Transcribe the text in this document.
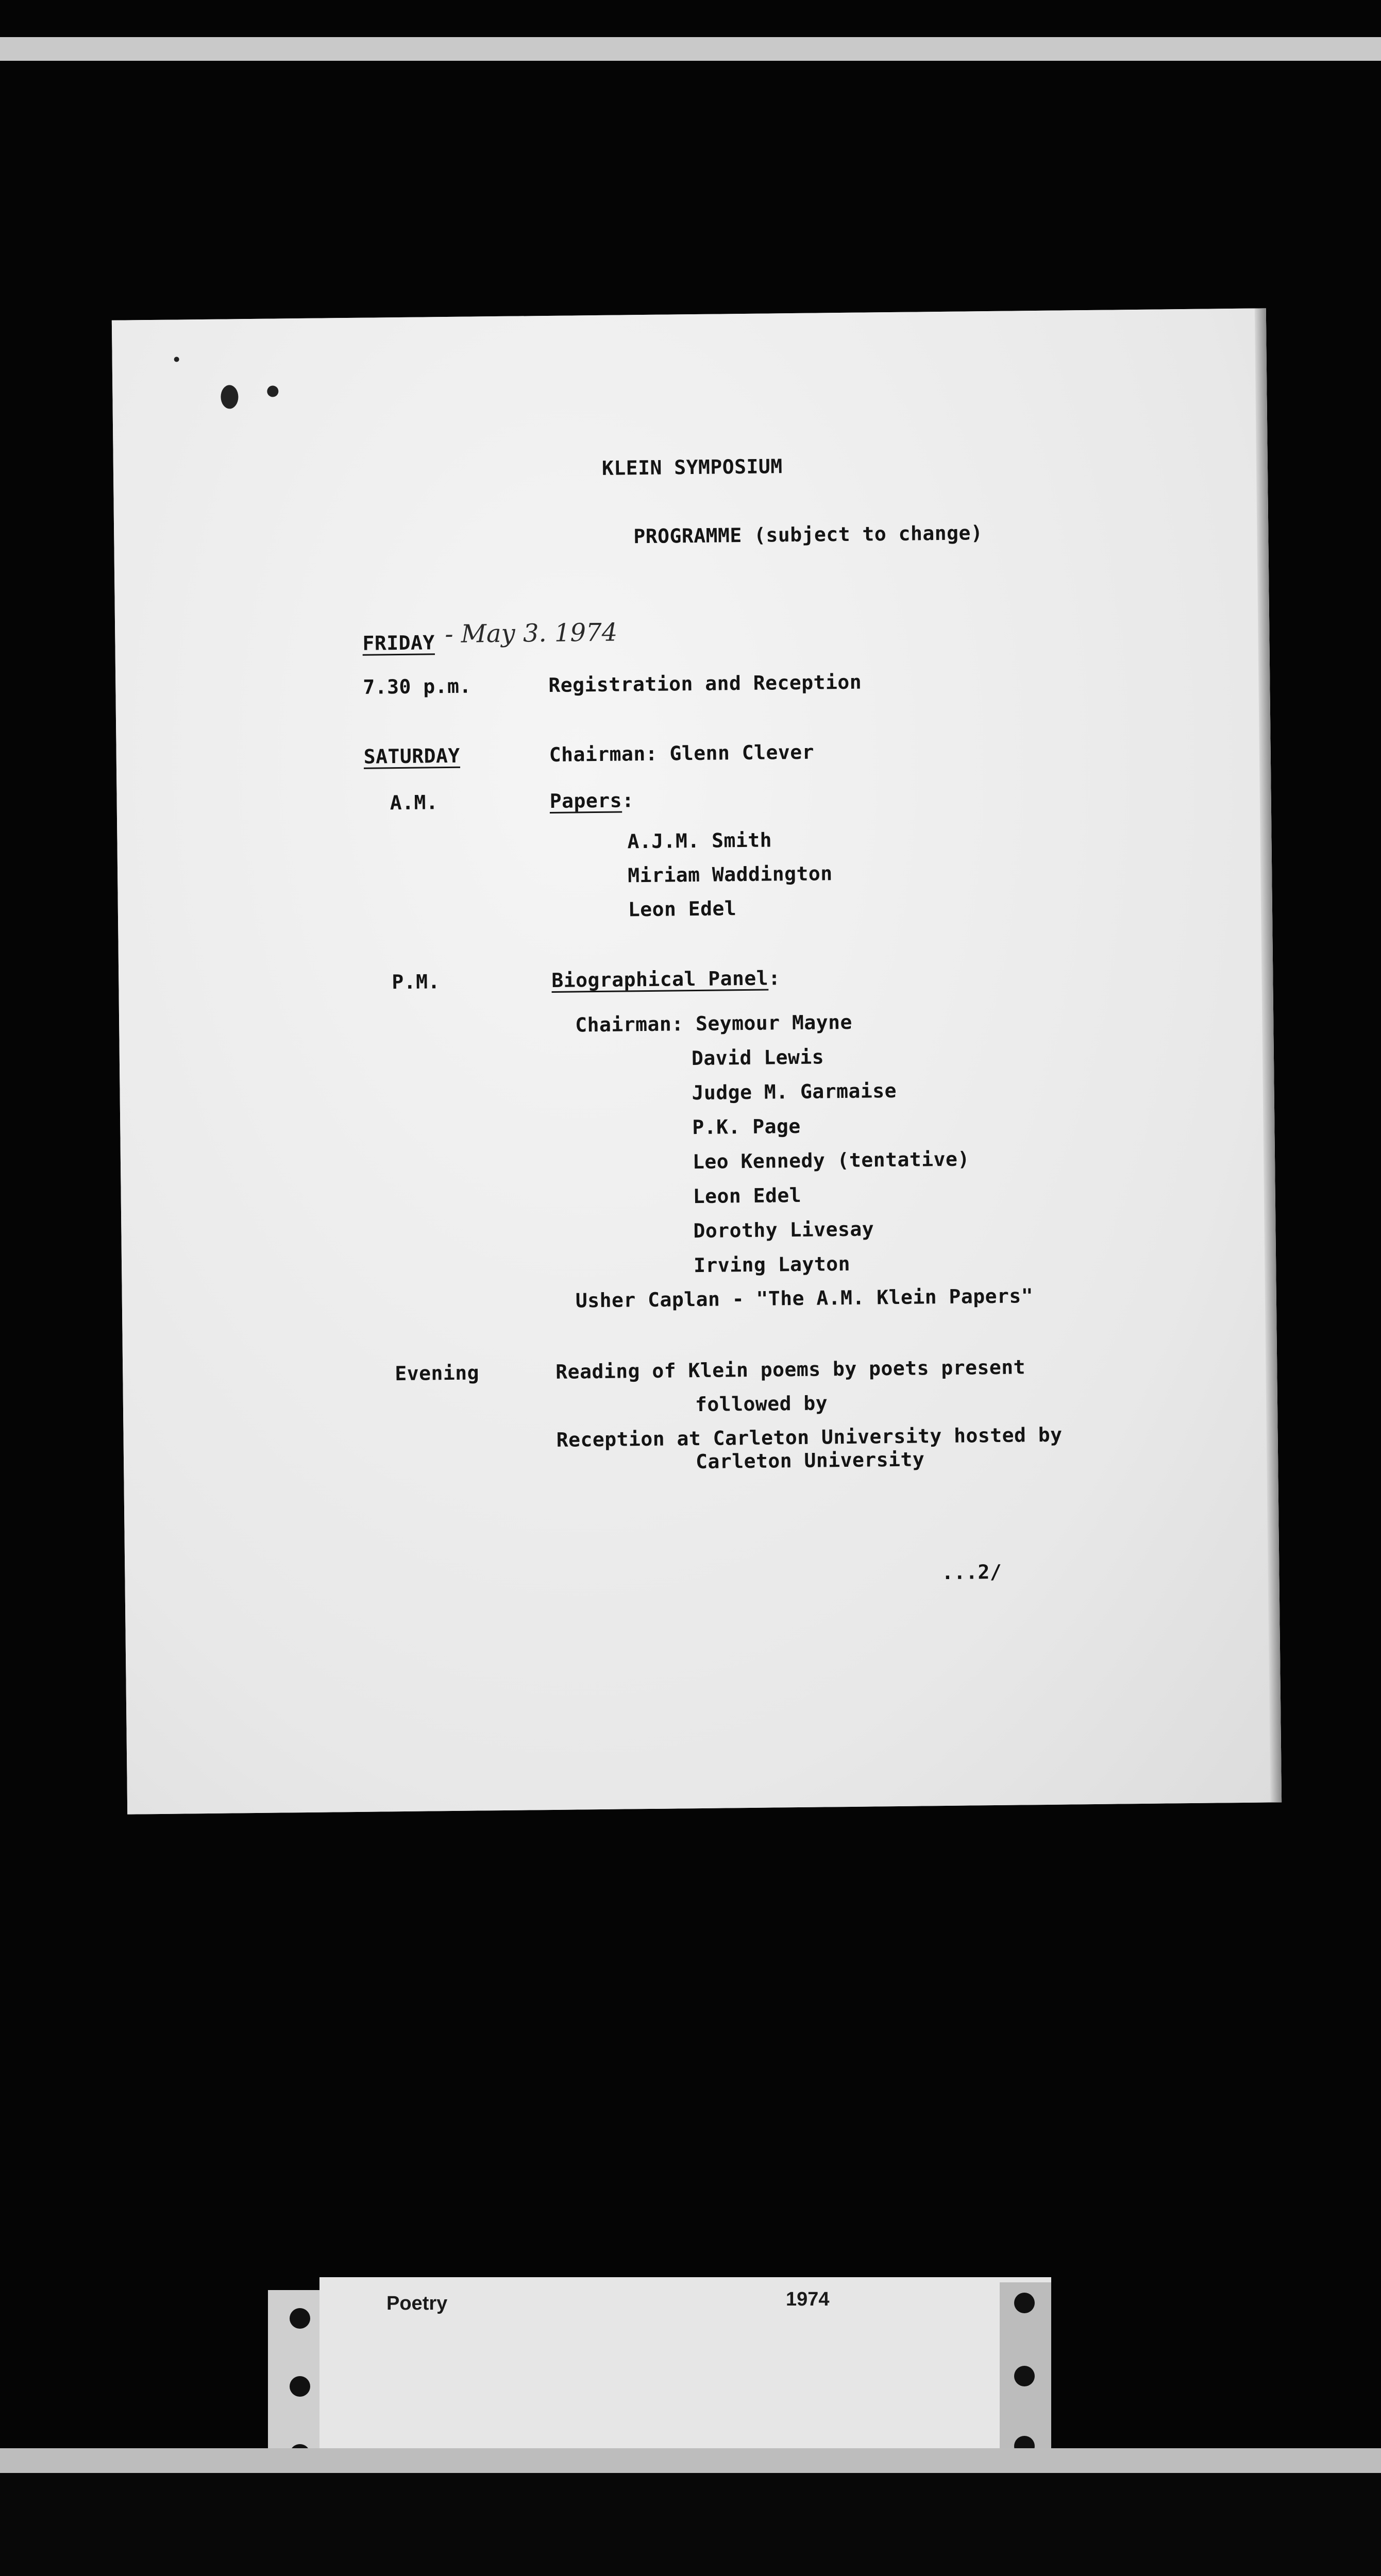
KLEIN SYMPOSIUM
PROGRAMME (subject to change)
FRIDAY - May 3. 1974
7.30 p.m.	Registration and Reception
SATURDAY	Chairman: Glenn Clever
A.M.	Papers:
A.J.M. Smith
Miriam Waddington
Leon Edel
P.M.	Biographical Panel:
Chairman: Seymour Mayne
David Lewis
Judge M. Garmaise
P.K. Page
Leo Kennedy (tentative)
Leon Edel
Dorothy Livesay
Irving Layton
Usher Caplan - "The A.M. Klein Papers"
Evening	Reading of Klein poems by poets present
followed by
Reception at Carleton University hosted by
Carleton University
...2/
Poetry	1974
